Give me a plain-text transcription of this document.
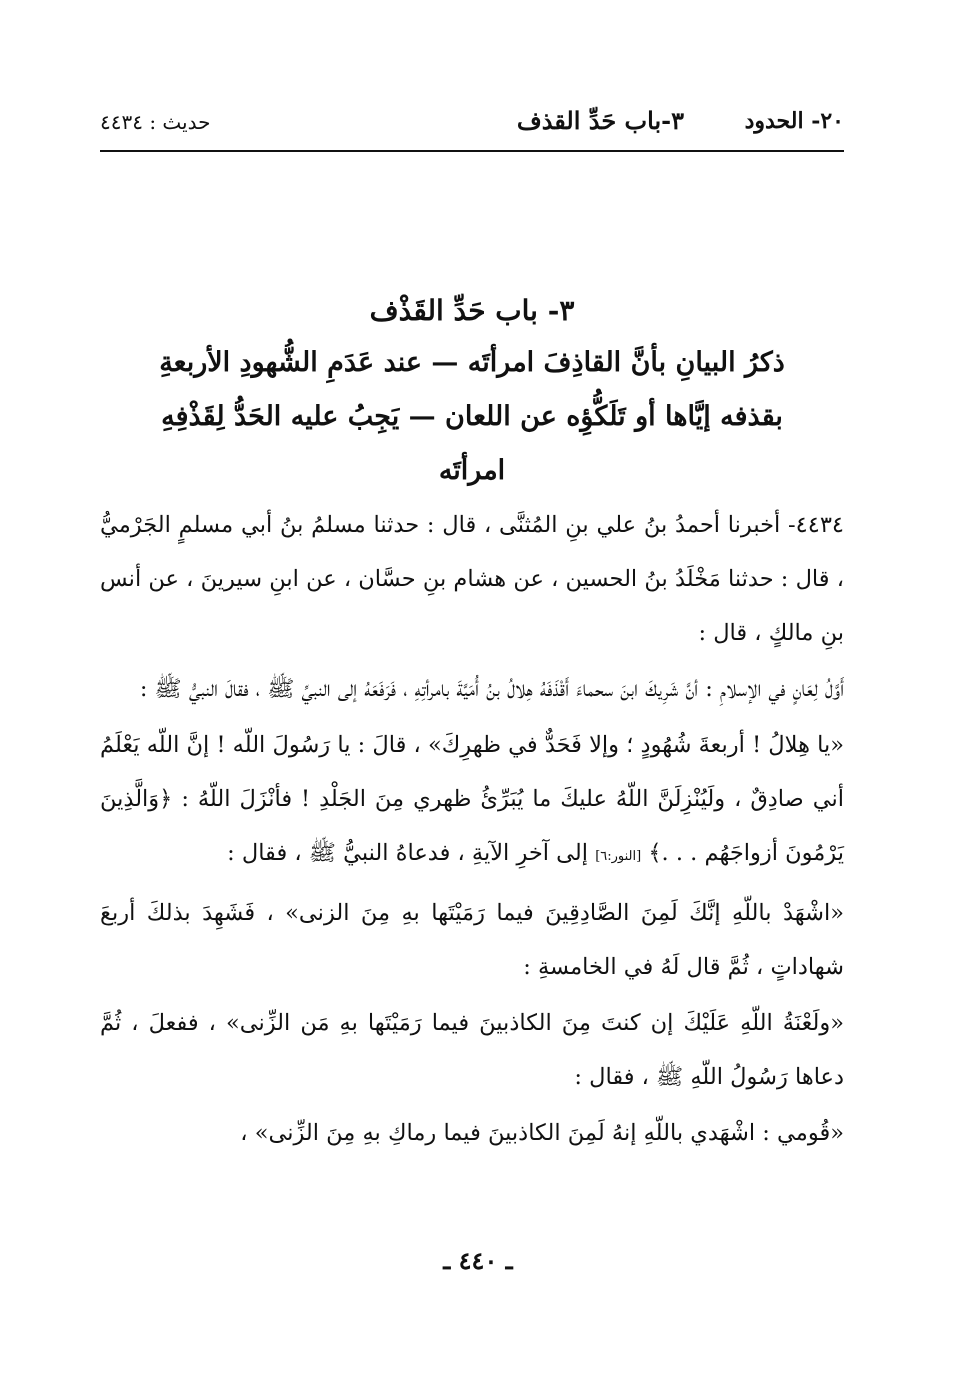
٢٠- الحدود
٣-باب حَدِّ القذف
حديث : ٤٤٣٤
٣- باب حَدِّ القَذْف
ذكرُ البيانِ بأنَّ القاذِفَ امرأتَه — عند عَدَمِ الشُّهودِ الأربعةِ
بقذفه إيَّاها أو تَلَكُّؤِه عن اللعان — يَجِبُ عليه الحَدُّ لِقَذْفِهِ
امرأتَه

٤٤٣٤- أخبرنا أحمدُ بنُ علي بنِ المُثنَّى ، قال : حدثنا مسلمُ بنُ أبي مسلمٍ الجَرْميُّ ، قال : حدثنا مَخْلَدُ بنُ الحسين ، عن هشام بنِ حسَّان ، عن ابنِ سيرينَ ، عن أنس بنِ مالكٍ ، قال :

أَوَّلُ لِعَانٍ في الإسلامِ : أنَّ شَرِيكَ ابنَ سحماءَ أَقْذَفَهُ هِلالُ بنُ أُمَيَّةَ بامرأتِهِ ، فَرَفَعَهُ إلى النبيِّ ﷺ ، فقالَ النبيُّ ﷺ :

«يا هِلالُ ! أربعةَ شُهُودٍ ؛ وإلا فَحَدٌّ في ظهرِكَ» ، قالَ : يا رَسُولَ اللّه ! إنَّ اللّه يَعْلَمُ أني صادِقٌ ، ولَيُنْزِلَنَّ اللّهُ عليكَ ما يُبَرِّئُ ظهري مِنَ الجَلْدِ ! فأنْزَلَ اللّهُ : ﴿وَالَّذِينَ يَرْمُونَ أزواجَهُم . . .﴾ [النور:٦] إلى آخرِ الآيةِ ، فدعاهُ النبيُّ ﷺ ، فقال :

«اشْهَدْ باللّهِ إنَّكَ لَمِنَ الصَّادِقِينَ فيما رَمَيْتَها بهِ مِنَ الزنى» ، فَشَهِدَ بذلكَ أربعَ شهاداتٍ ، ثُمَّ قال لَهُ في الخامسةِ :

«ولَعْنَةُ اللّهِ عَلَيْكَ إن كنتَ مِنَ الكاذبينَ فيما رَمَيْتَها بهِ مَن الزِّنى» ، ففعلَ ، ثُمَّ دعاها رَسُولُ اللّهِ ﷺ ، فقال :

«قُومي : اشْهَدي باللّهِ إنهُ لَمِنَ الكاذبينَ فيما رماكِ بهِ مِنَ الزِّنى» ،

ـ ٤٤٠ ـ
